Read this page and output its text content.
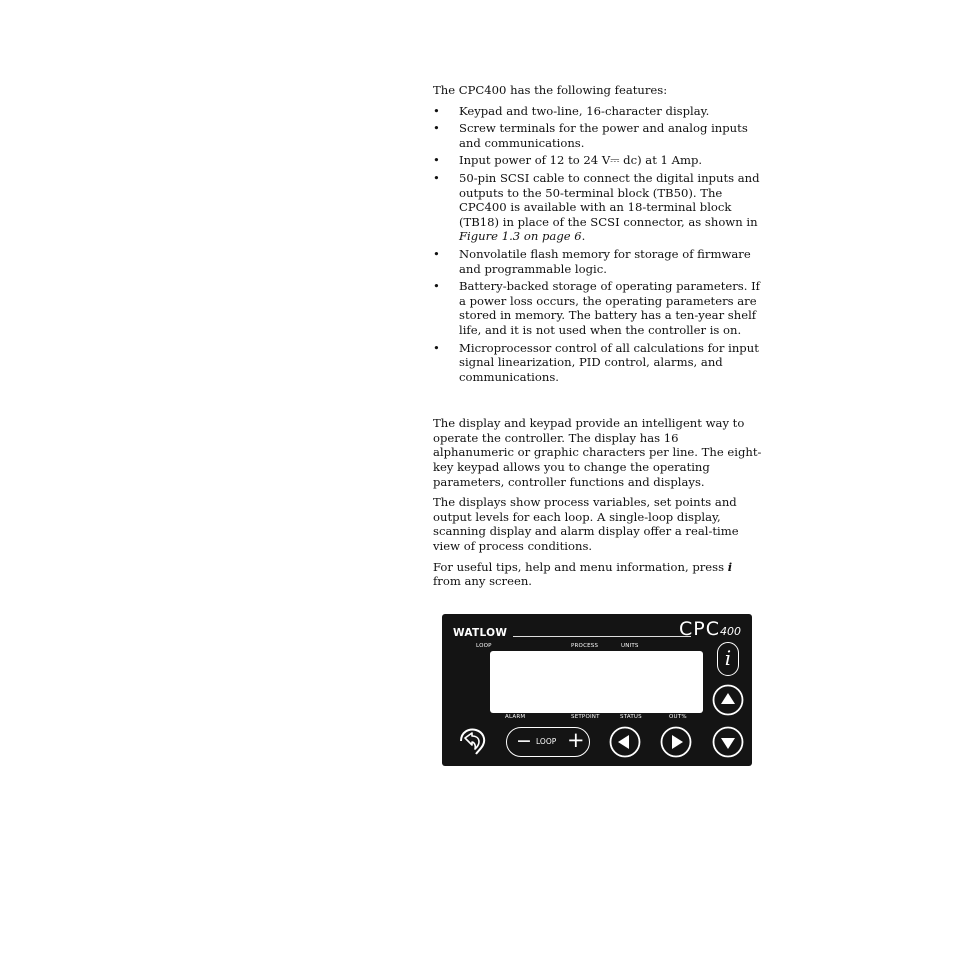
The CPC400 has the following features:

• Keypad and two-line, 16-character display.
• Screw terminals for the power and analog inputs and communications.
• Input power of 12 to 24 V⎓ dc) at 1 Amp.
• 50-pin SCSI cable to connect the digital inputs and outputs to the 50-terminal block (TB50). The CPC400 is available with an 18-terminal block (TB18) in place of the SCSI connector, as shown in Figure 1.3 on page 6.
• Nonvolatile flash memory for storage of firmware and programmable logic.
• Battery-backed storage of operating parameters. If a power loss occurs, the operating parameters are stored in memory. The battery has a ten-year shelf life, and it is not used when the controller is on.
• Microprocessor control of all calculations for input signal linearization, PID control, alarms, and communications.

The display and keypad provide an intelligent way to operate the controller. The display has 16 alphanumeric or graphic characters per line. The eight-key keypad allows you to change the operating parameters, controller functions and displays.

The displays show process variables, set points and output levels for each loop. A single-loop display, scanning display and alarm display offer a real-time view of process conditions.

For useful tips, help and menu information, press i from any screen.

WATLOW	CPC400
LOOP	PROCESS	UNITS
ALARM	SETPOINT	STATUS	OUT%
− LOOP +
i
